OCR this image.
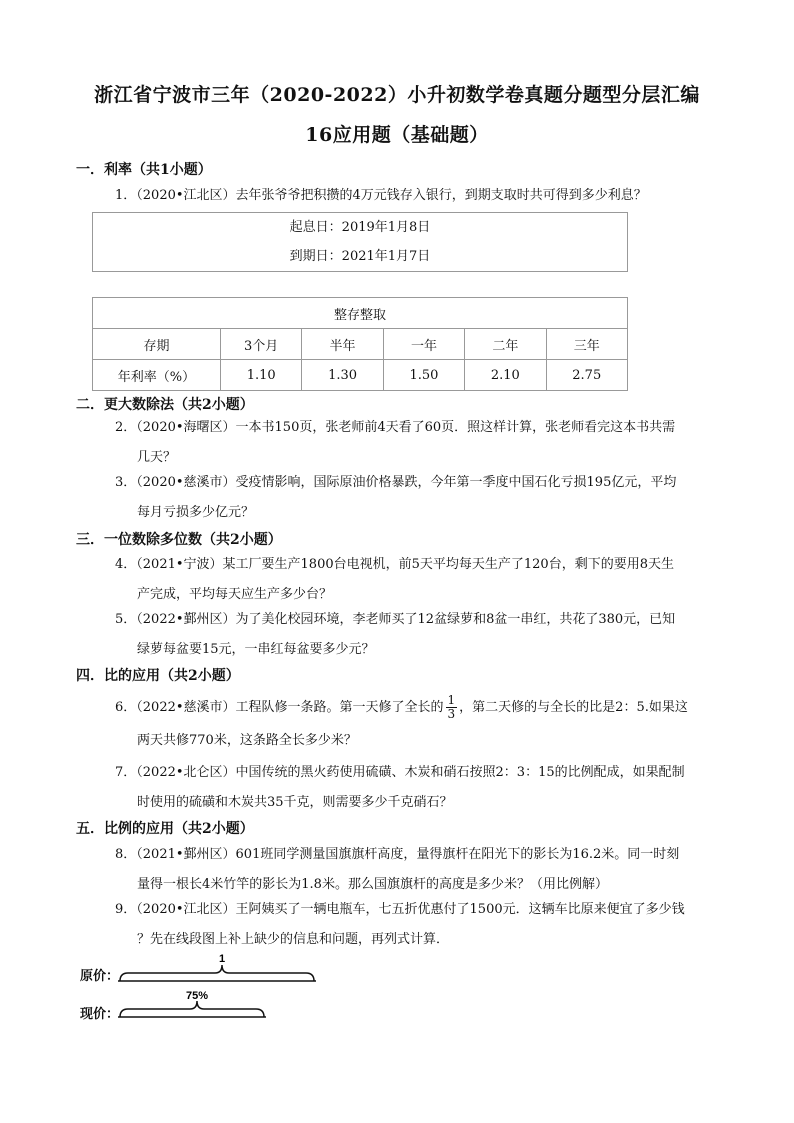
浙江省宁波市三年（2020-2022）小升初数学卷真题分题型分层汇编
16应用题（基础题）
一．利率（共1小题）
1．（2020•江北区）去年张爷爷把积攒的4万元钱存入银行，到期支取时共可得到多少利息？
起息日：2019年1月8日
到期日：2021年1月7日
整存整取					
存期	3个月	半年	一年	二年	三年
年利率（%）	1.10	1.30	1.50	2.10	2.75
二．更大数除法（共2小题）
2．（2020•海曙区）一本书150页，张老师前4天看了60页．照这样计算，张老师看完这本书共需
几天？
3．（2020•慈溪市）受疫情影响，国际原油价格暴跌，今年第一季度中国石化亏损195亿元，平均
每月亏损多少亿元？
三．一位数除多位数（共2小题）
4．（2021•宁波）某工厂要生产1800台电视机，前5天平均每天生产了120台，剩下的要用8天生
产完成，平均每天应生产多少台？
5．（2022•鄞州区）为了美化校园环境，李老师买了12盆绿萝和8盆一串红，共花了380元，已知
绿萝每盆要15元，一串红每盆要多少元？
四．比的应用（共2小题）
6．（2022•慈溪市）工程队修一条路。第一天修了全长的 $\frac{1}{3}$ ，第二天修的与全长的比是2：5.如果这
两天共修770米，这条路全长多少米？
7．（2022•北仑区）中国传统的黑火药使用硫磺、木炭和硝石按照2：3：15的比例配成，如果配制
时使用的硫磺和木炭共35千克，则需要多少千克硝石？
五．比例的应用（共2小题）
8．（2021•鄞州区）601班同学测量国旗旗杆高度，量得旗杆在阳光下的影长为16.2米。同一时刻
量得一根长4米竹竿的影长为1.8米。那么国旗旗杆的高度是多少米？（用比例解）
9．（2020•江北区）王阿姨买了一辆电瓶车，七五折优惠付了1500元．这辆车比原来便宜了多少钱
？先在线段图上补上缺少的信息和问题，再列式计算．
原价：
现价：
1
75%
